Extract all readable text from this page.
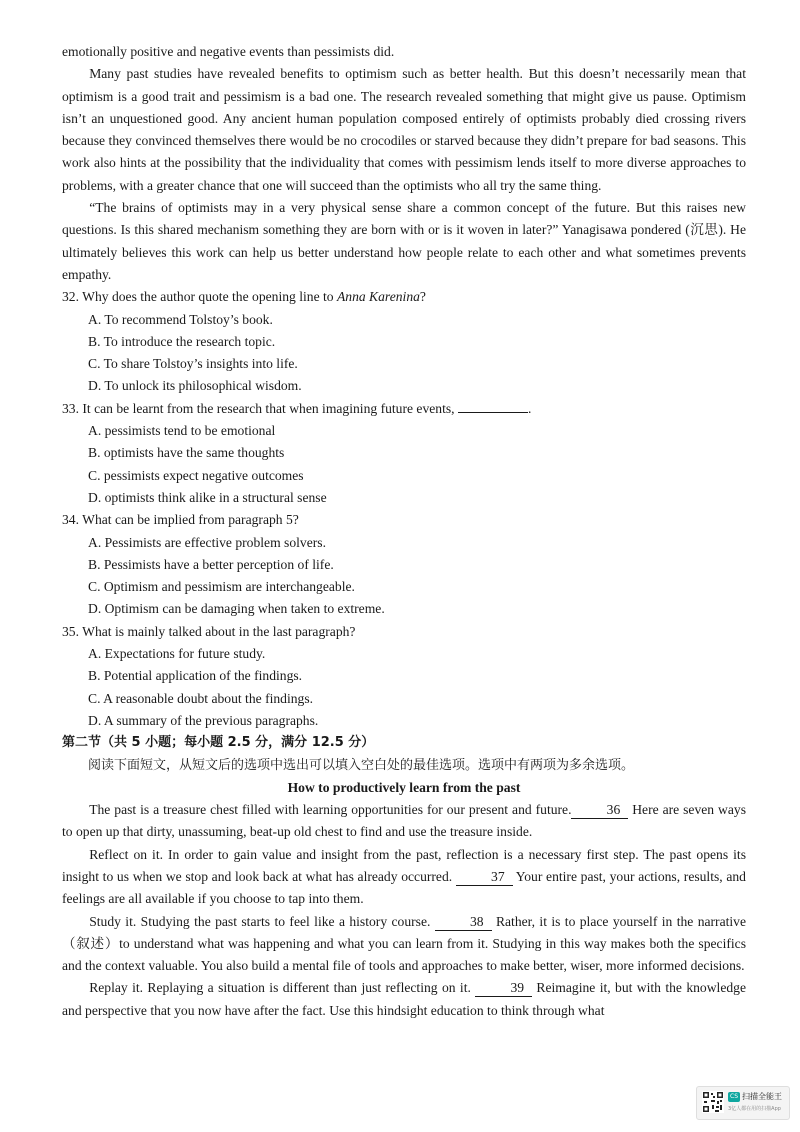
emotionally positive and negative events than pessimists did.

Many past studies have revealed benefits to optimism such as better health. But this doesn’t necessarily mean that optimism is a good trait and pessimism is a bad one. The research revealed something that might give us pause. Optimism isn’t an unquestioned good. Any ancient human population composed entirely of optimists probably died crossing rivers because they convinced themselves there would be no crocodiles or starved because they didn’t prepare for bad seasons. This work also hints at the possibility that the individuality that comes with pessimism lends itself to more diverse approaches to problems, with a greater chance that one will succeed than the optimists who all try the same thing.

“The brains of optimists may in a very physical sense share a common concept of the future. But this raises new questions. Is this shared mechanism something they are born with or is it woven in later?” Yanagisawa pondered (沉思). He ultimately believes this work can help us better understand how people relate to each other and what sometimes prevents empathy.

32. Why does the author quote the opening line to Anna Karenina?

A. To recommend Tolstoy’s book.

B. To introduce the research topic.

C. To share Tolstoy’s insights into life.

D. To unlock its philosophical wisdom.

33. It can be learnt from the research that when imagining future events,	.

A. pessimists tend to be emotional

B. optimists have the same thoughts

C. pessimists expect negative outcomes

D. optimists think alike in a structural sense

34. What can be implied from paragraph 5?

A. Pessimists are effective problem solvers.

B. Pessimists have a better perception of life.

C. Optimism and pessimism are interchangeable.

D. Optimism can be damaging when taken to extreme.

35. What is mainly talked about in the last paragraph?

A. Expectations for future study.

B. Potential application of the findings.

C. A reasonable doubt about the findings.

D. A summary of the previous paragraphs.

第二节（共 5 小题；每小题 2.5 分，满分 12.5 分）

阅读下面短文，从短文后的选项中选出可以填入空白处的最佳选项。选项中有两项为多余选项。

How to productively learn from the past

The past is a treasure chest filled with learning opportunities for our present and future.	36 Here are seven ways to open up that dirty, unassuming, beat-up old chest to find and use the treasure inside.

Reflect on it. In order to gain value and insight from the past, reflection is a necessary first step. The past opens its insight to us when we stop and look back at what has already occurred.	37 Your entire past, your actions, results, and feelings are all available if you choose to tap into them.

Study it. Studying the past starts to feel like a history course.	38 Rather, it is to place yourself in the narrative（叙述）to understand what was happening and what you can learn from it. Studying in this way makes both the specifics and the context valuable. You also build a mental file of tools and approaches to make better, wiser, more informed decisions.

Replay it. Replaying a situation is different than just reflecting on it.	39 Reimagine it, but with the knowledge and perspective that you now have after the fact. Use this hindsight education to think through what

CS 扫描全能王
3亿人都在用的扫描App
